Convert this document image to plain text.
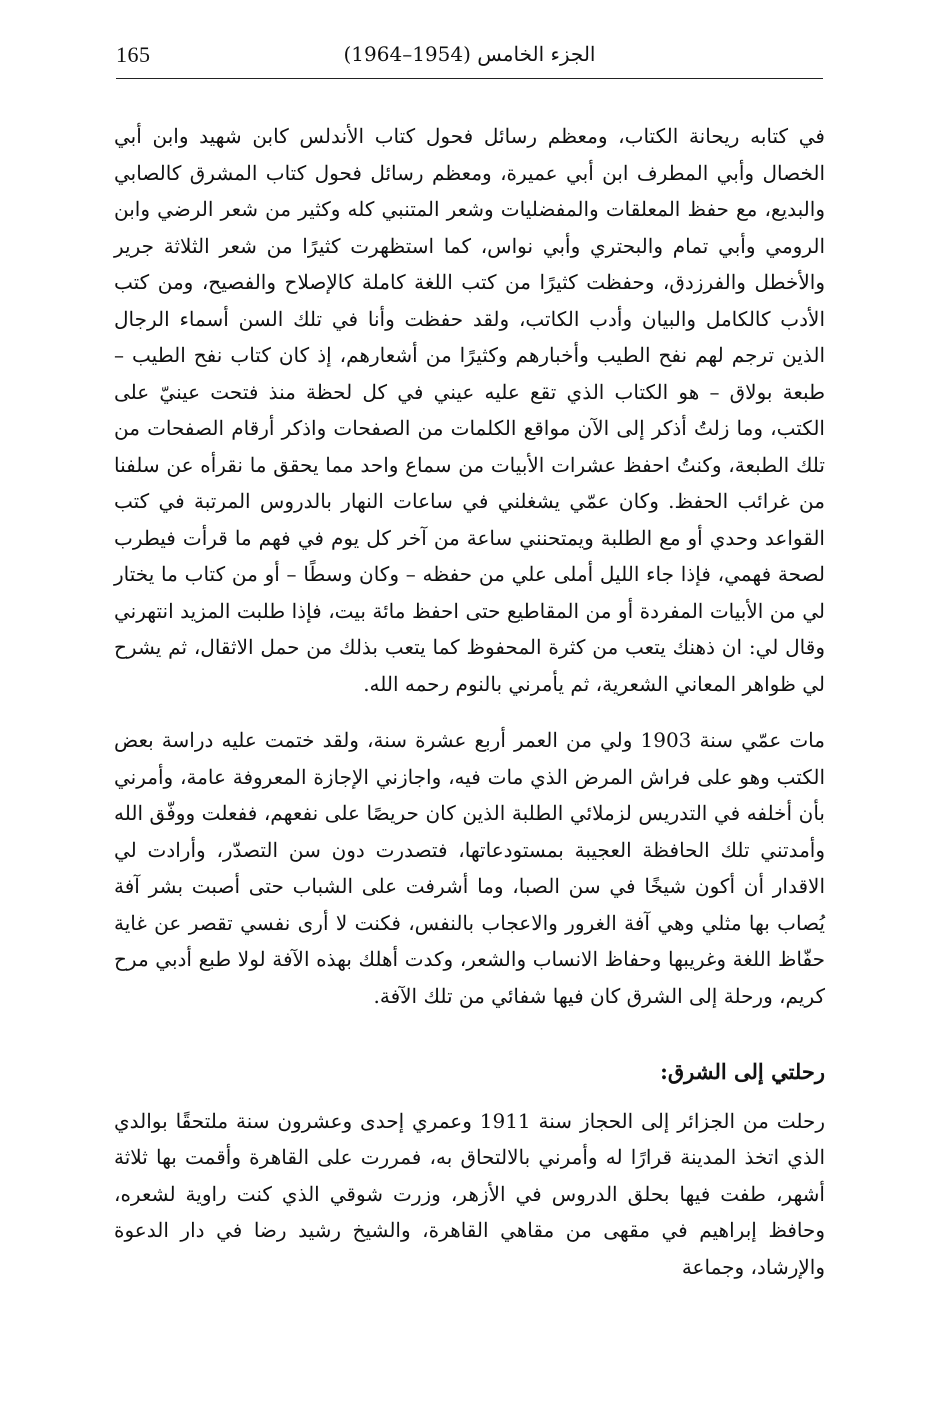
165	الجزء الخامس (1954–1964)

في كتابه ريحانة الكتاب، ومعظم رسائل فحول كتاب الأندلس كابن شهيد وابن أبي الخصال وأبي المطرف ابن أبي عميرة، ومعظم رسائل فحول كتاب المشرق كالصابي والبديع، مع حفظ المعلقات والمفضليات وشعر المتنبي كله وكثير من شعر الرضي وابن الرومي وأبي تمام والبحتري وأبي نواس، كما استظهرت كثيرًا من شعر الثلاثة جرير والأخطل والفرزدق، وحفظت كثيرًا من كتب اللغة كاملة كالإصلاح والفصيح، ومن كتب الأدب كالكامل والبيان وأدب الكاتب، ولقد حفظت وأنا في تلك السن أسماء الرجال الذين ترجم لهم نفح الطيب وأخبارهم وكثيرًا من أشعارهم، إذ كان كتاب نفح الطيب – طبعة بولاق – هو الكتاب الذي تقع عليه عيني في كل لحظة منذ فتحت عينيّ على الكتب، وما زلتُ أذكر إلى الآن مواقع الكلمات من الصفحات واذكر أرقام الصفحات من تلك الطبعة، وكنتُ احفظ عشرات الأبيات من سماع واحد مما يحقق ما نقرأه عن سلفنا من غرائب الحفظ. وكان عمّي يشغلني في ساعات النهار بالدروس المرتبة في كتب القواعد وحدي أو مع الطلبة ويمتحنني ساعة من آخر كل يوم في فهم ما قرأت فيطرب لصحة فهمي، فإذا جاء الليل أملى علي من حفظه – وكان وسطًا – أو من كتاب ما يختار لي من الأبيات المفردة أو من المقاطيع حتى احفظ مائة بيت، فإذا طلبت المزيد انتهرني وقال لي: ان ذهنك يتعب من كثرة المحفوظ كما يتعب بذلك من حمل الاثقال، ثم يشرح لي ظواهر المعاني الشعرية، ثم يأمرني بالنوم رحمه الله.

مات عمّي سنة 1903 ولي من العمر أربع عشرة سنة، ولقد ختمت عليه دراسة بعض الكتب وهو على فراش المرض الذي مات فيه، واجازني الإجازة المعروفة عامة، وأمرني بأن أخلفه في التدريس لزملائي الطلبة الذين كان حريصًا على نفعهم، ففعلت ووفّق الله وأمدتني تلك الحافظة العجيبة بمستودعاتها، فتصدرت دون سن التصدّر، وأرادت لي الاقدار أن أكون شيخًا في سن الصبا، وما أشرفت على الشباب حتى أصبت بشر آفة يُصاب بها مثلي وهي آفة الغرور والاعجاب بالنفس، فكنت لا أرى نفسي تقصر عن غاية حفّاظ اللغة وغريبها وحفاظ الانساب والشعر، وكدت أهلك بهذه الآفة لولا طبع أدبي مرح كريم، ورحلة إلى الشرق كان فيها شفائي من تلك الآفة.

رحلتي إلى الشرق:

رحلت من الجزائر إلى الحجاز سنة 1911 وعمري إحدى وعشرون سنة ملتحقًا بوالدي الذي اتخذ المدينة قرارًا له وأمرني بالالتحاق به، فمررت على القاهرة وأقمت بها ثلاثة أشهر، طفت فيها بحلق الدروس في الأزهر، وزرت شوقي الذي كنت راوية لشعره، وحافظ إبراهيم في مقهى من مقاهي القاهرة، والشيخ رشيد رضا في دار الدعوة والإرشاد، وجماعة
